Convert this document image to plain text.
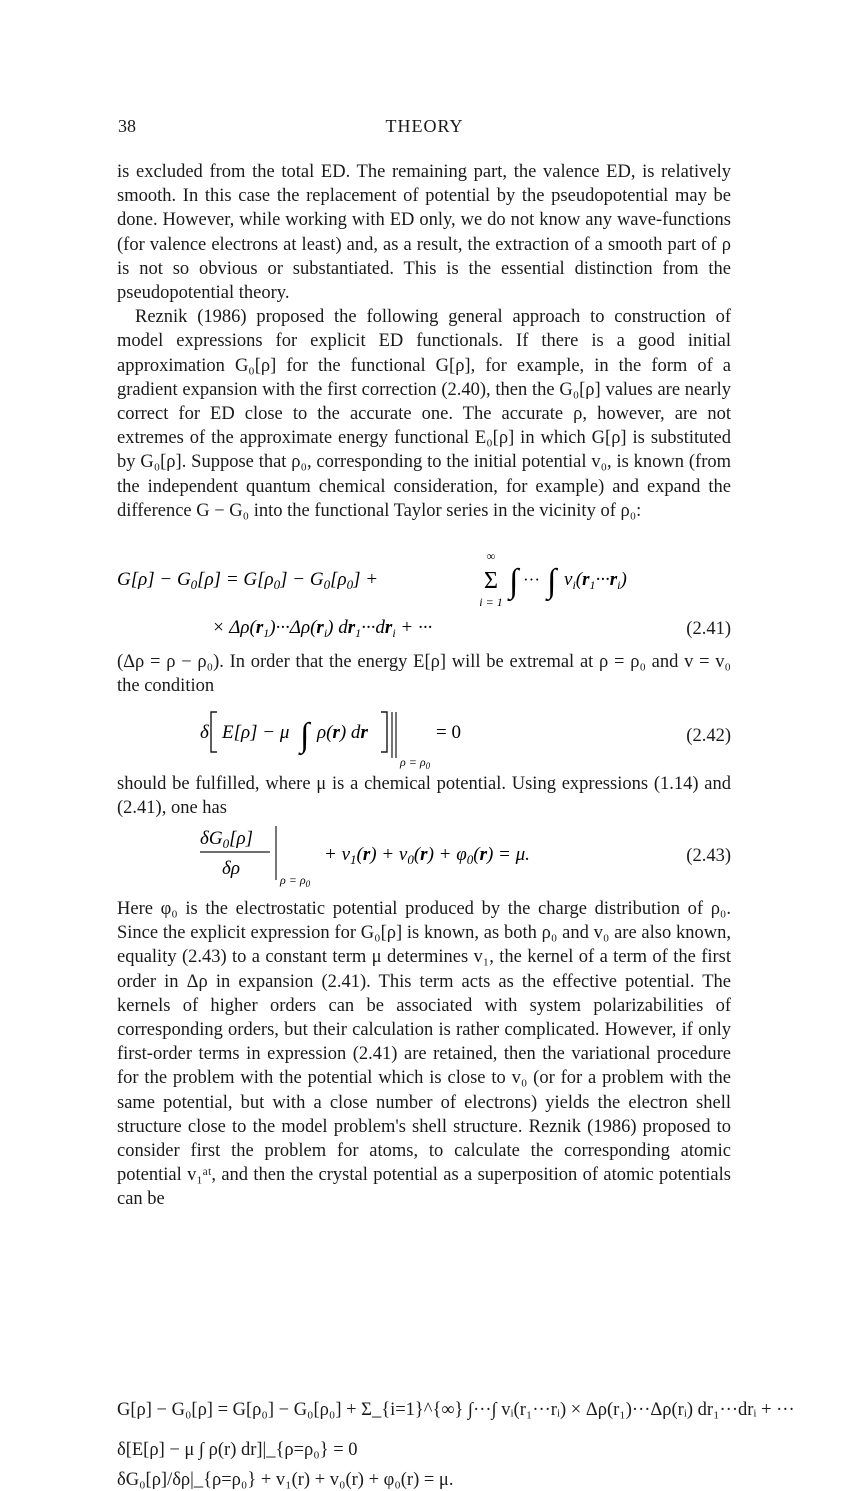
38	THEORY

is excluded from the total ED. The remaining part, the valence ED, is relatively smooth. In this case the replacement of potential by the pseudopotential may be done. However, while working with ED only, we do not know any wave-functions (for valence electrons at least) and, as a result, the extraction of a smooth part of ρ is not so obvious or substantiated. This is the essential distinction from the pseudopotential theory.

Reznik (1986) proposed the following general approach to construction of model expressions for explicit ED functionals. If there is a good initial approximation G₀[ρ] for the functional G[ρ], for example, in the form of a gradient expansion with the first correction (2.40), then the G₀[ρ] values are nearly correct for ED close to the accurate one. The accurate ρ, however, are not extremes of the approximate energy functional E₀[ρ] in which G[ρ] is substituted by G₀[ρ]. Suppose that ρ₀, corresponding to the initial potential v₀, is known (from the independent quantum chemical consideration, for example) and expand the difference G − G₀ into the functional Taylor series in the vicinity of ρ₀:

$G[\rho] - G_0[\rho] = G[\rho_0] - G_0[\rho_0]$ +
∞
Σ
i = 1
∫ ··· ∫ $v_i(r_1\cdot\cdot\cdot r_i)$
× $\Delta\rho(r_1)\cdot\cdot\cdot\Delta\rho(r_i) dr_1\cdot\cdot\cdot dr_i$ + ···
G[ρ] − G₀[ρ] = G[ρ₀] − G₀[ρ₀] + Σ_{i=1}^{∞} ∫···∫ vᵢ(r₁···rᵢ) × Δρ(r₁)···Δρ(rᵢ) dr₁···drᵢ + ···
(2.41)

(Δρ = ρ − ρ₀). In order that the energy E[ρ] will be extremal at ρ = ρ₀ and v = v₀ the condition

δ E[ρ] − μ ∫ ρ(r) dr
$\rho = \rho_0$
= 0
δ[E[ρ] − μ ∫ ρ(r) dr]|_{ρ=ρ₀} = 0
(2.42)

should be fulfilled, where μ is a chemical potential. Using expressions (1.14) and (2.41), one has

$\delta G_0[\rho]$
δρ
$\rho = \rho_0$
+ $v_1(r) + v_0(r) + \varphi_0(r) = \mu$.
δG₀[ρ]/δρ|_{ρ=ρ₀} + v₁(r) + v₀(r) + φ₀(r) = μ.
(2.43)

Here φ₀ is the electrostatic potential produced by the charge distribution of ρ₀. Since the explicit expression for G₀[ρ] is known, as both ρ₀ and v₀ are also known, equality (2.43) to a constant term μ determines v₁, the kernel of a term of the first order in Δρ in expansion (2.41). This term acts as the effective potential. The kernels of higher orders can be associated with system polarizabilities of corresponding orders, but their calculation is rather complicated. However, if only first-order terms in expression (2.41) are retained, then the variational procedure for the problem with the potential which is close to v₀ (or for a problem with the same potential, but with a close number of electrons) yields the electron shell structure close to the model problem's shell structure. Reznik (1986) proposed to consider first the problem for atoms, to calculate the corresponding atomic potential v₁ᵃᵗ, and then the crystal potential as a superposition of atomic potentials can be
